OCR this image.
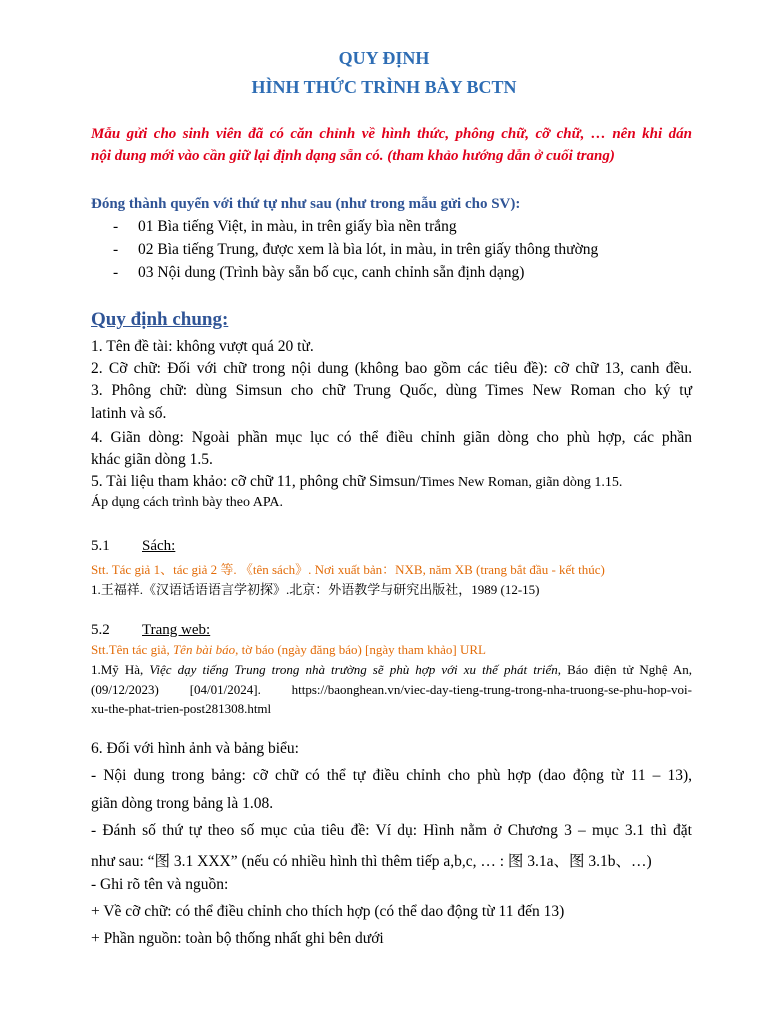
QUY ĐỊNH
HÌNH THỨC TRÌNH BÀY BCTN
Mẫu gửi cho sinh viên đã có căn chỉnh về hình thức, phông chữ, cỡ chữ, … nên khi dán
nội dung mới vào cần giữ lại định dạng sẵn có. (tham khảo hướng dẫn ở cuối trang)
Đóng thành quyển với thứ tự như sau (như trong mẫu gửi cho SV):
- 01 Bìa tiếng Việt, in màu, in trên giấy bìa nền trắng
- 02 Bìa tiếng Trung, được xem là bìa lót, in màu, in trên giấy thông thường
- 03 Nội dung (Trình bày sẵn bố cục, canh chỉnh sẵn định dạng)
Quy định chung:
1. Tên đề tài: không vượt quá 20 từ.
2. Cỡ chữ: Đối với chữ trong nội dung (không bao gồm các tiêu đề): cỡ chữ 13, canh đều.
3. Phông chữ: dùng Simsun cho chữ Trung Quốc, dùng Times New Roman cho ký tự
latinh và số.
4. Giãn dòng: Ngoài phần mục lục có thể điều chỉnh giãn dòng cho phù hợp, các phần
khác giãn dòng 1.5.
5. Tài liệu tham khảo: cỡ chữ 11, phông chữ Simsun/Times New Roman, giãn dòng 1.15.
Áp dụng cách trình bày theo APA.
5.1 Sách:
Stt. Tác giả 1、tác giả 2 等. 《tên sách》. Nơi xuất bản：NXB, năm XB (trang bắt đầu - kết thúc)
1.王福祥.《汉语话语语言学初探》.北京：外语教学与研究出版社，1989 (12-15)
5.2 Trang web:
Stt.Tên tác giả, Tên bài báo, tờ báo (ngày đăng báo) [ngày tham khảo] URL
1.Mỹ Hà, Việc dạy tiếng Trung trong nhà trường sẽ phù hợp với xu thế phát triển, Báo điện tử Nghệ An,
(09/12/2023) [04/01/2024]. https://baonghean.vn/viec-day-tieng-trung-trong-nha-truong-se-phu-hop-voi-
xu-the-phat-trien-post281308.html
6. Đối với hình ảnh và bảng biểu:
- Nội dung trong bảng: cỡ chữ có thể tự điều chỉnh cho phù hợp (dao động từ 11 – 13),
giãn dòng trong bảng là 1.08.
- Đánh số thứ tự theo số mục của tiêu đề: Ví dụ: Hình nằm ở Chương 3 – mục 3.1 thì đặt
như sau: “图 3.1 XXX” (nếu có nhiều hình thì thêm tiếp a,b,c, … : 图 3.1a、图 3.1b、…)
- Ghi rõ tên và nguồn:
+ Về cỡ chữ: có thể điều chỉnh cho thích hợp (có thể dao động từ 11 đến 13)
+ Phần nguồn: toàn bộ thống nhất ghi bên dưới
